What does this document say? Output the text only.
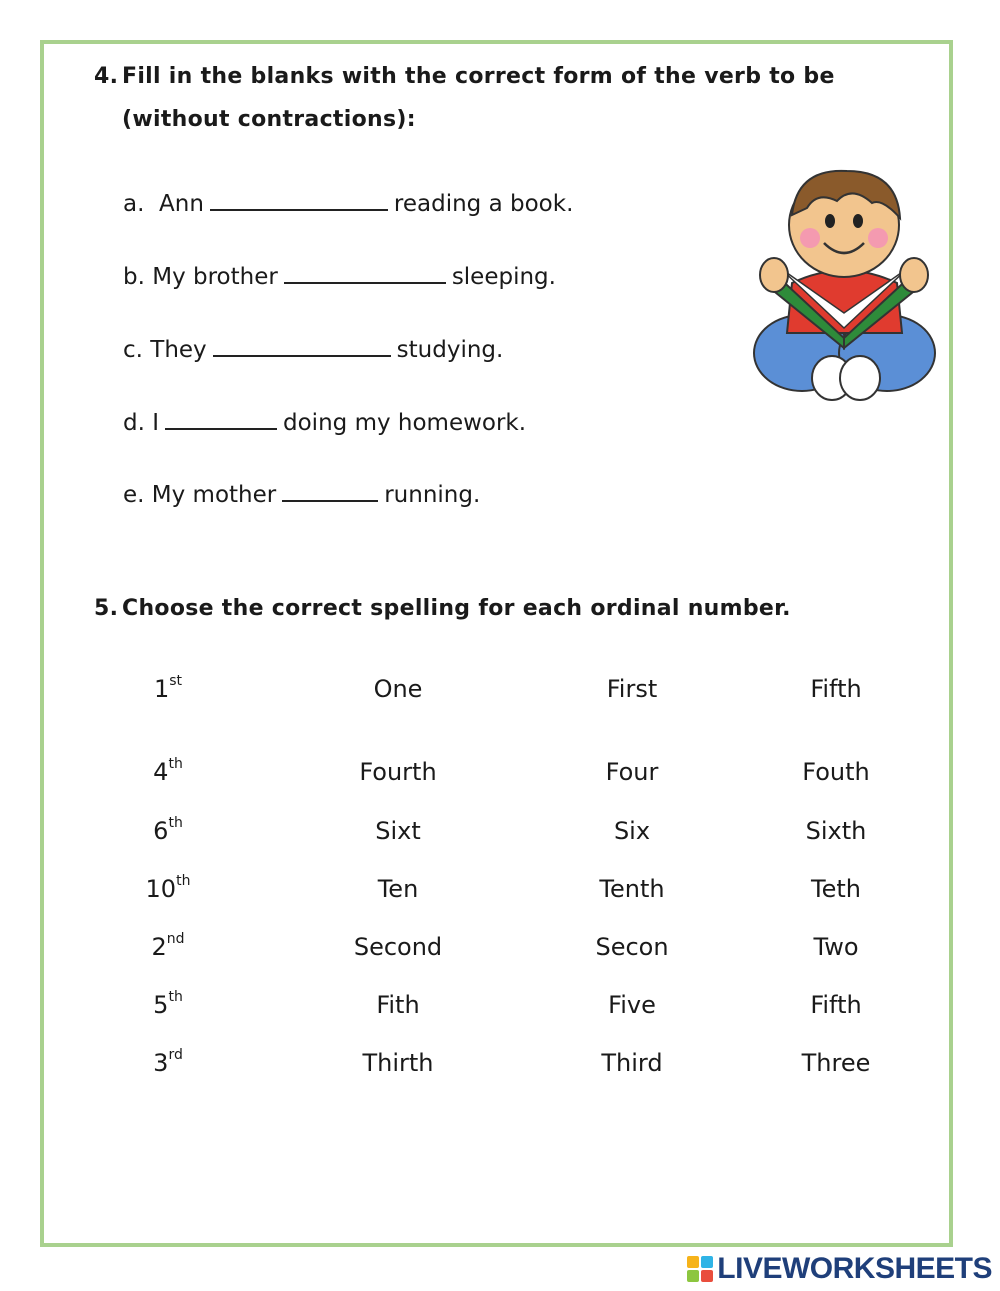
4. Fill in the blanks with the correct form of the verb to be
(without contractions):
a.  Ann	reading a book.
b. My brother	sleeping.
c. They	studying.
d. I	doing my homework.
e. My mother	running.
5. Choose the correct spelling for each ordinal number.
1st	One	First	Fifth
4th	Fourth	Four	Fouth
6th	Sixt	Six	Sixth
10th	Ten	Tenth	Teth
2nd	Second	Secon	Two
5th	Fith	Five	Fifth
3rd	Thirth	Third	Three
LIVEWORKSHEETS
